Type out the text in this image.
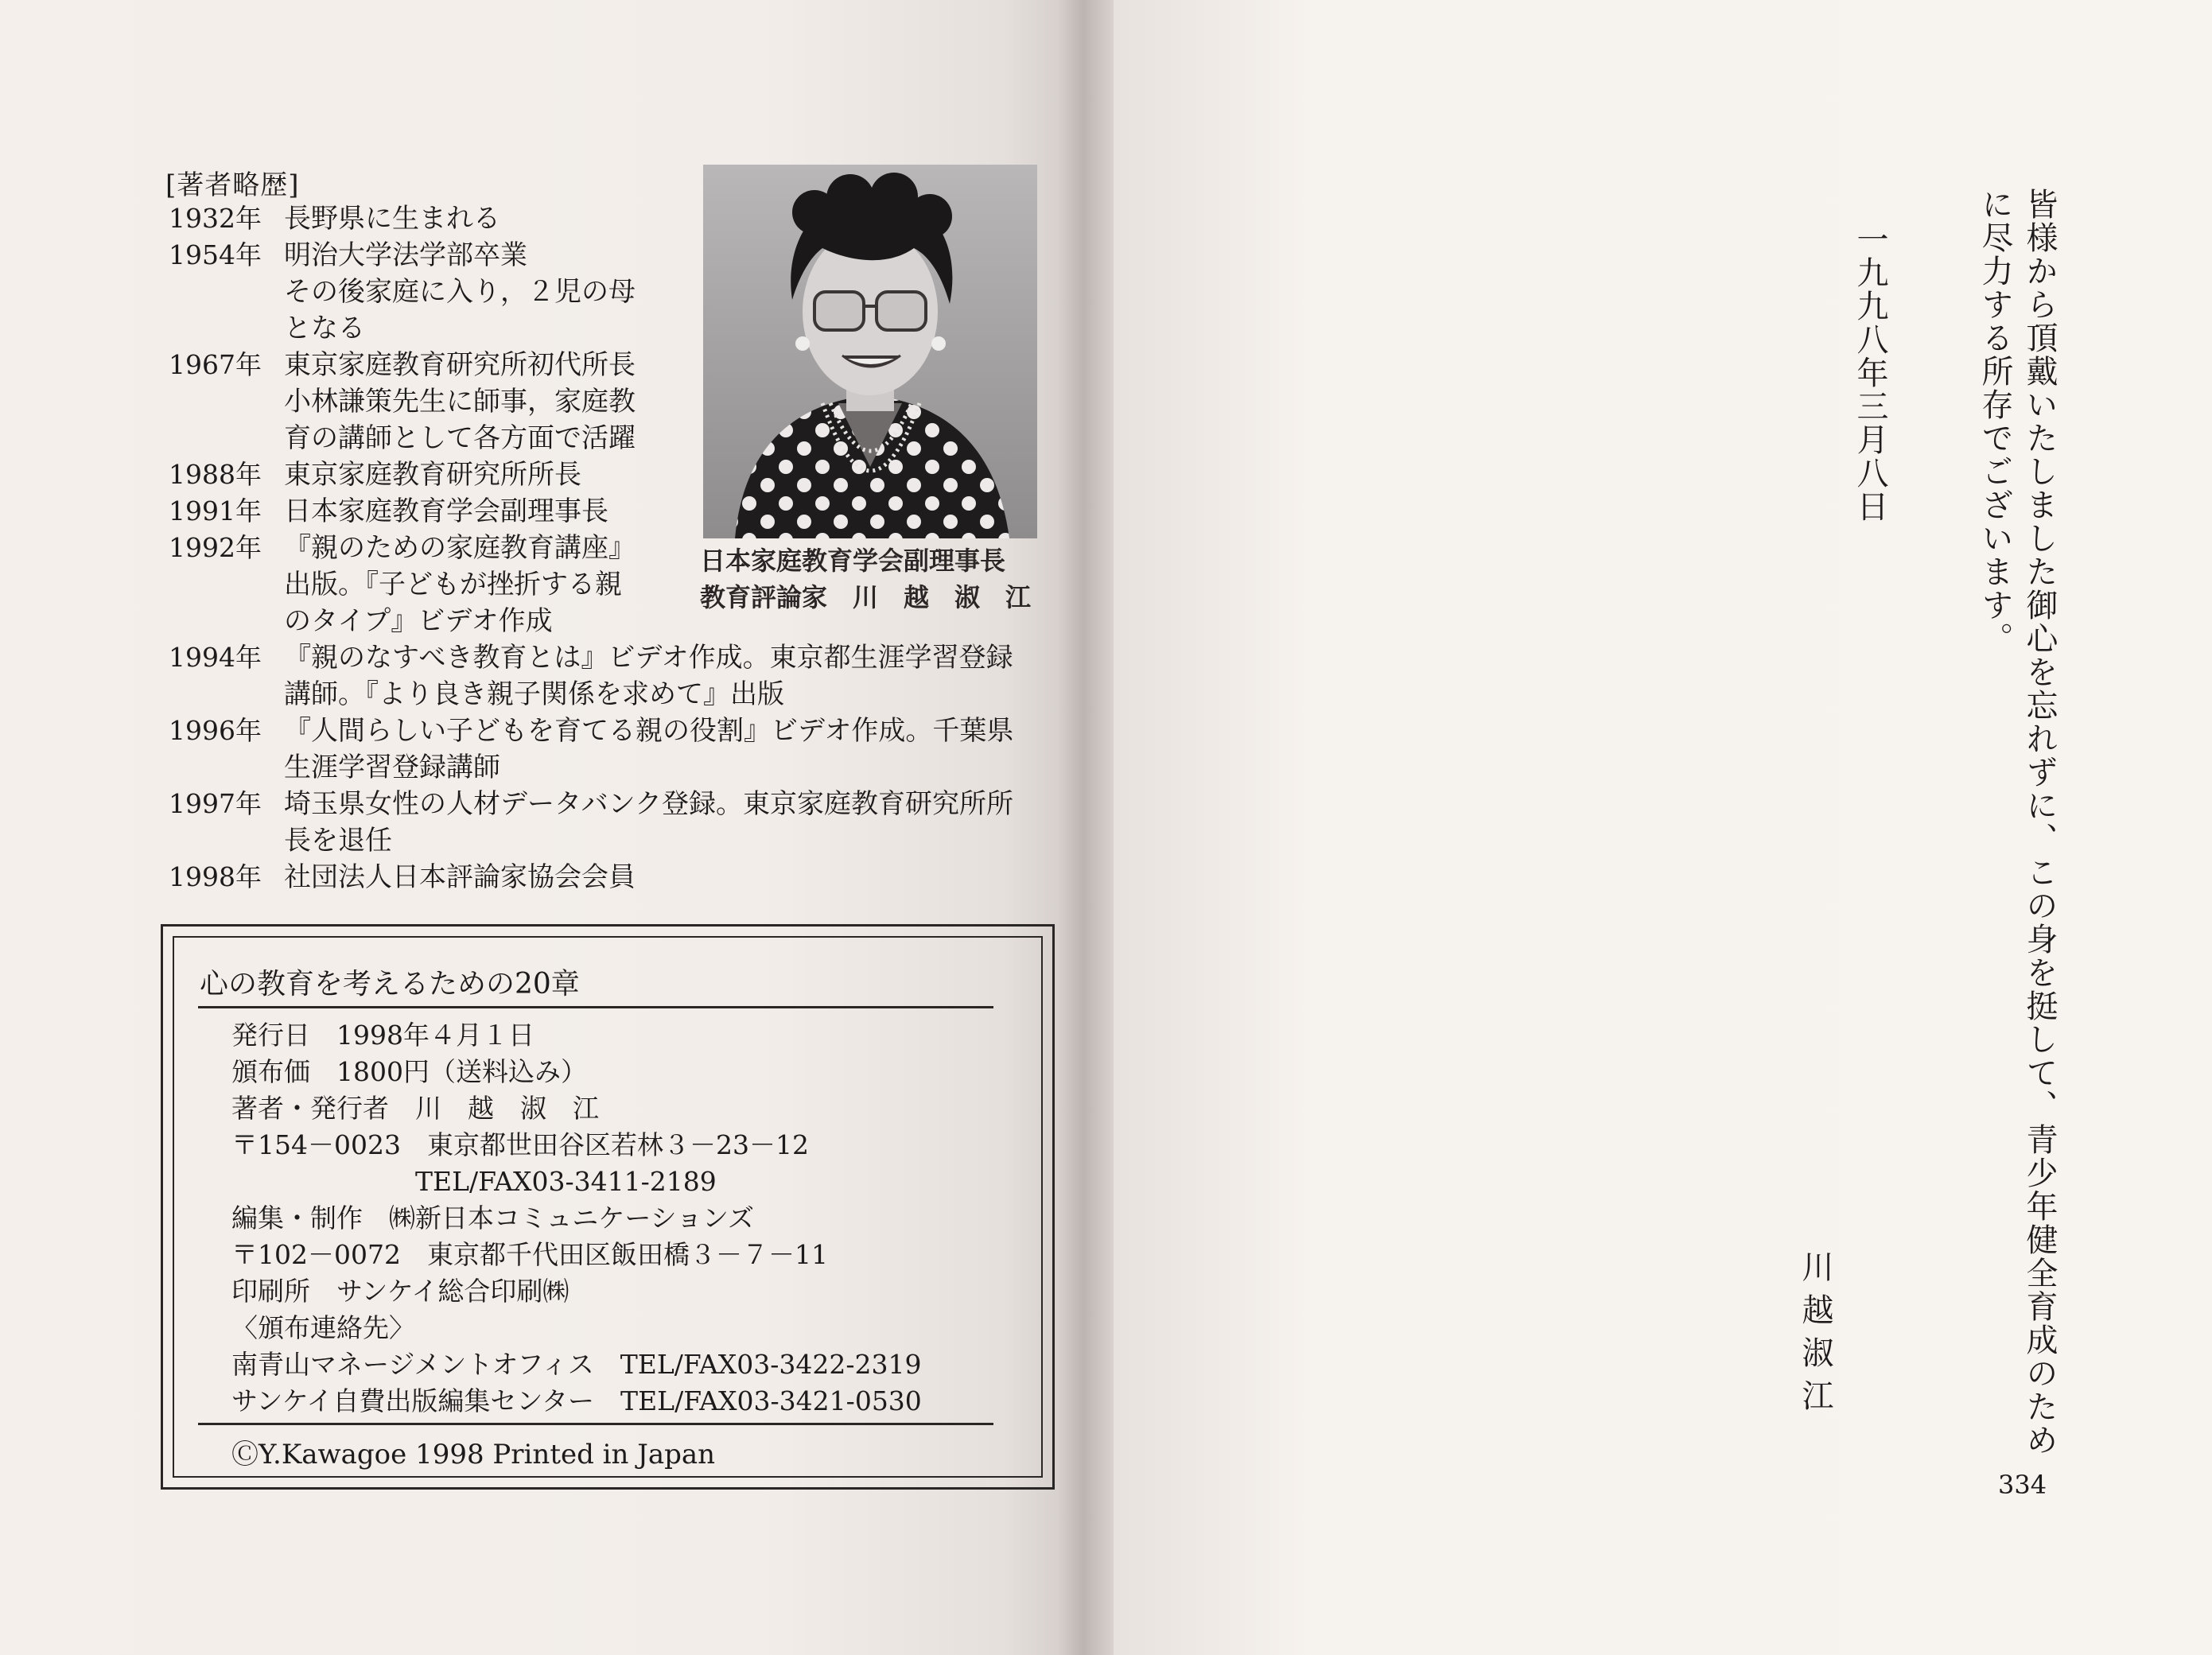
[著者略歴]
1932年 長野県に生まれる
1954年 明治大学法学部卒業
その後家庭に入り，２児の母
となる
1967年 東京家庭教育研究所初代所長
小林謙策先生に師事，家庭教
育の講師として各方面で活躍
1988年 東京家庭教育研究所所長
1991年 日本家庭教育学会副理事長
1992年 『親のための家庭教育講座』
出版。『子どもが挫折する親
のタイプ』ビデオ作成
1994年 『親のなすべき教育とは』ビデオ作成。東京都生涯学習登録
講師。『より良き親子関係を求めて』出版
1996年 『人間らしい子どもを育てる親の役割』ビデオ作成。千葉県
生涯学習登録講師
1997年 埼玉県女性の人材データバンク登録。東京家庭教育研究所所
長を退任
1998年 社団法人日本評論家協会会員
日本家庭教育学会副理事長
教育評論家　川　越　淑　江
心の教育を考えるための20章
発行日　1998年４月１日
頒布価　1800円（送料込み）
著者・発行者　川　越　淑　江
〒154－0023　東京都世田谷区若林３－23－12
　　　　　　　TEL/FAX03-3411-2189
編集・制作　㈱新日本コミュニケーションズ
〒102－0072　東京都千代田区飯田橋３－７－11
印刷所　サンケイ総合印刷㈱
〈頒布連絡先〉
南青山マネージメントオフィス　TEL/FAX03-3422-2319
サンケイ自費出版編集センター　TEL/FAX03-3421-0530
ⒸY.Kawagoe 1998 Printed in Japan	皆様から頂戴いたしました御心を忘れずに、この身を挺して、青少年健全育成のために尽力する所存でございます。
一九九八年三月八日
川越淑江
334
